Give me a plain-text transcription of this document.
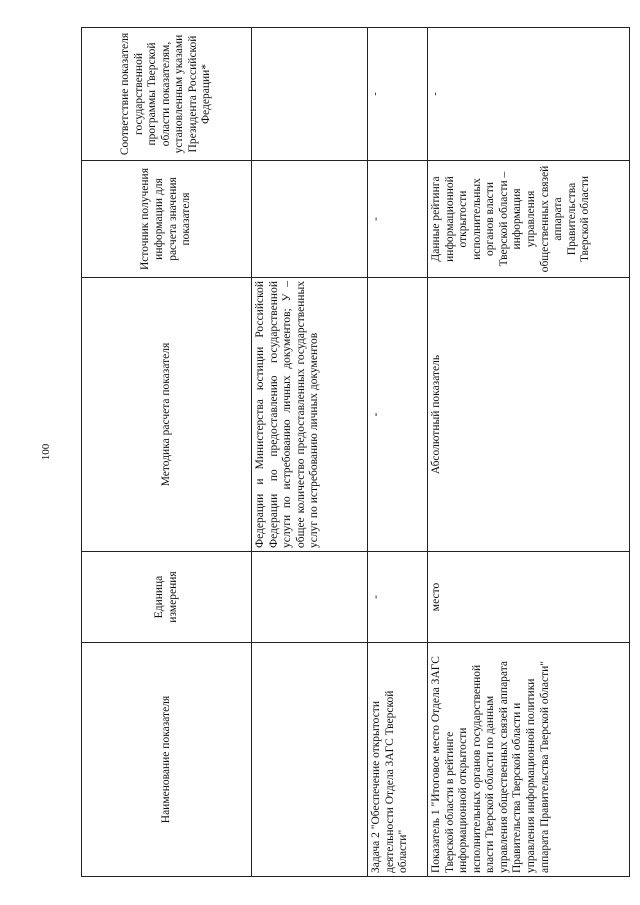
100
Наименование показателя	Единица измерения	Методика расчета показателя	Источник получения информации для расчета значения показателя	Соответствие показателя государственной программы Тверской области показателям, установленным указами Президента Российской Федерации*
		Федерации и Министерства юстиции Российской Федерации по предоставлению государственной услуги по истребованию личных документов; У – общее количество предоставленных государственных услуг по истребованию личных документов		
Задача 2 "Обеспечение открытости деятельности Отдела ЗАГС Тверской области"	-	-	-	-
Показатель 1 "Итоговое место Отдела ЗАГС Тверской области в рейтинге информационной открытости исполнительных органов государственной власти Тверской области по данным управления общественных связей аппарата Правительства Тверской области и управления информационной политики аппарата Правительства Тверской области"	место	Абсолютный показатель	Данные рейтинга информационной открытости исполнительных органов власти Тверской области – информация управления общественных связей аппарата Правительства Тверской области	-
